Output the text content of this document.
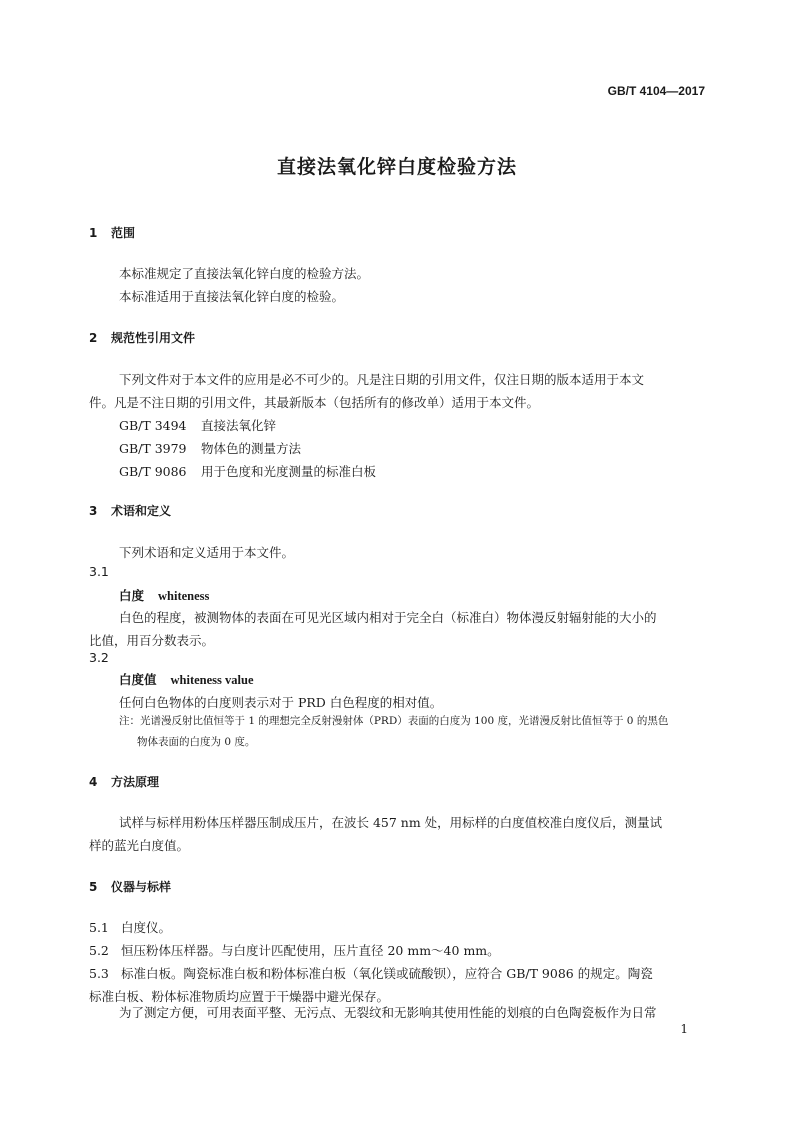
GB/T 4104—2017
直接法氧化锌白度检验方法
1 范围
本标准规定了直接法氧化锌白度的检验方法。
本标准适用于直接法氧化锌白度的检验。
2 规范性引用文件
下列文件对于本文件的应用是必不可少的。凡是注日期的引用文件，仅注日期的版本适用于本文
件。凡是不注日期的引用文件，其最新版本（包括所有的修改单）适用于本文件。
GB/T 3494 直接法氧化锌
GB/T 3979 物体色的测量方法
GB/T 9086 用于色度和光度测量的标准白板
3 术语和定义
下列术语和定义适用于本文件。
3.1
白度 whiteness
白色的程度，被测物体的表面在可见光区域内相对于完全白（标准白）物体漫反射辐射能的大小的
比值，用百分数表示。
3.2
白度值 whiteness value
任何白色物体的白度则表示对于 PRD 白色程度的相对值。
注：光谱漫反射比值恒等于 1 的理想完全反射漫射体（PRD）表面的白度为 100 度，光谱漫反射比值恒等于 0 的黑色
物体表面的白度为 0 度。
4 方法原理
试样与标样用粉体压样器压制成压片，在波长 457 nm 处，用标样的白度值校准白度仪后，测量试
样的蓝光白度值。
5 仪器与标样
5.1 白度仪。
5.2 恒压粉体压样器。与白度计匹配使用，压片直径 20 mm～40 mm。
5.3 标准白板。陶瓷标准白板和粉体标准白板（氧化镁或硫酸钡），应符合 GB/T 9086 的规定。陶瓷
标准白板、粉体标准物质均应置于干燥器中避光保存。
为了测定方便，可用表面平整、无污点、无裂纹和无影响其使用性能的划痕的白色陶瓷板作为日常
1
